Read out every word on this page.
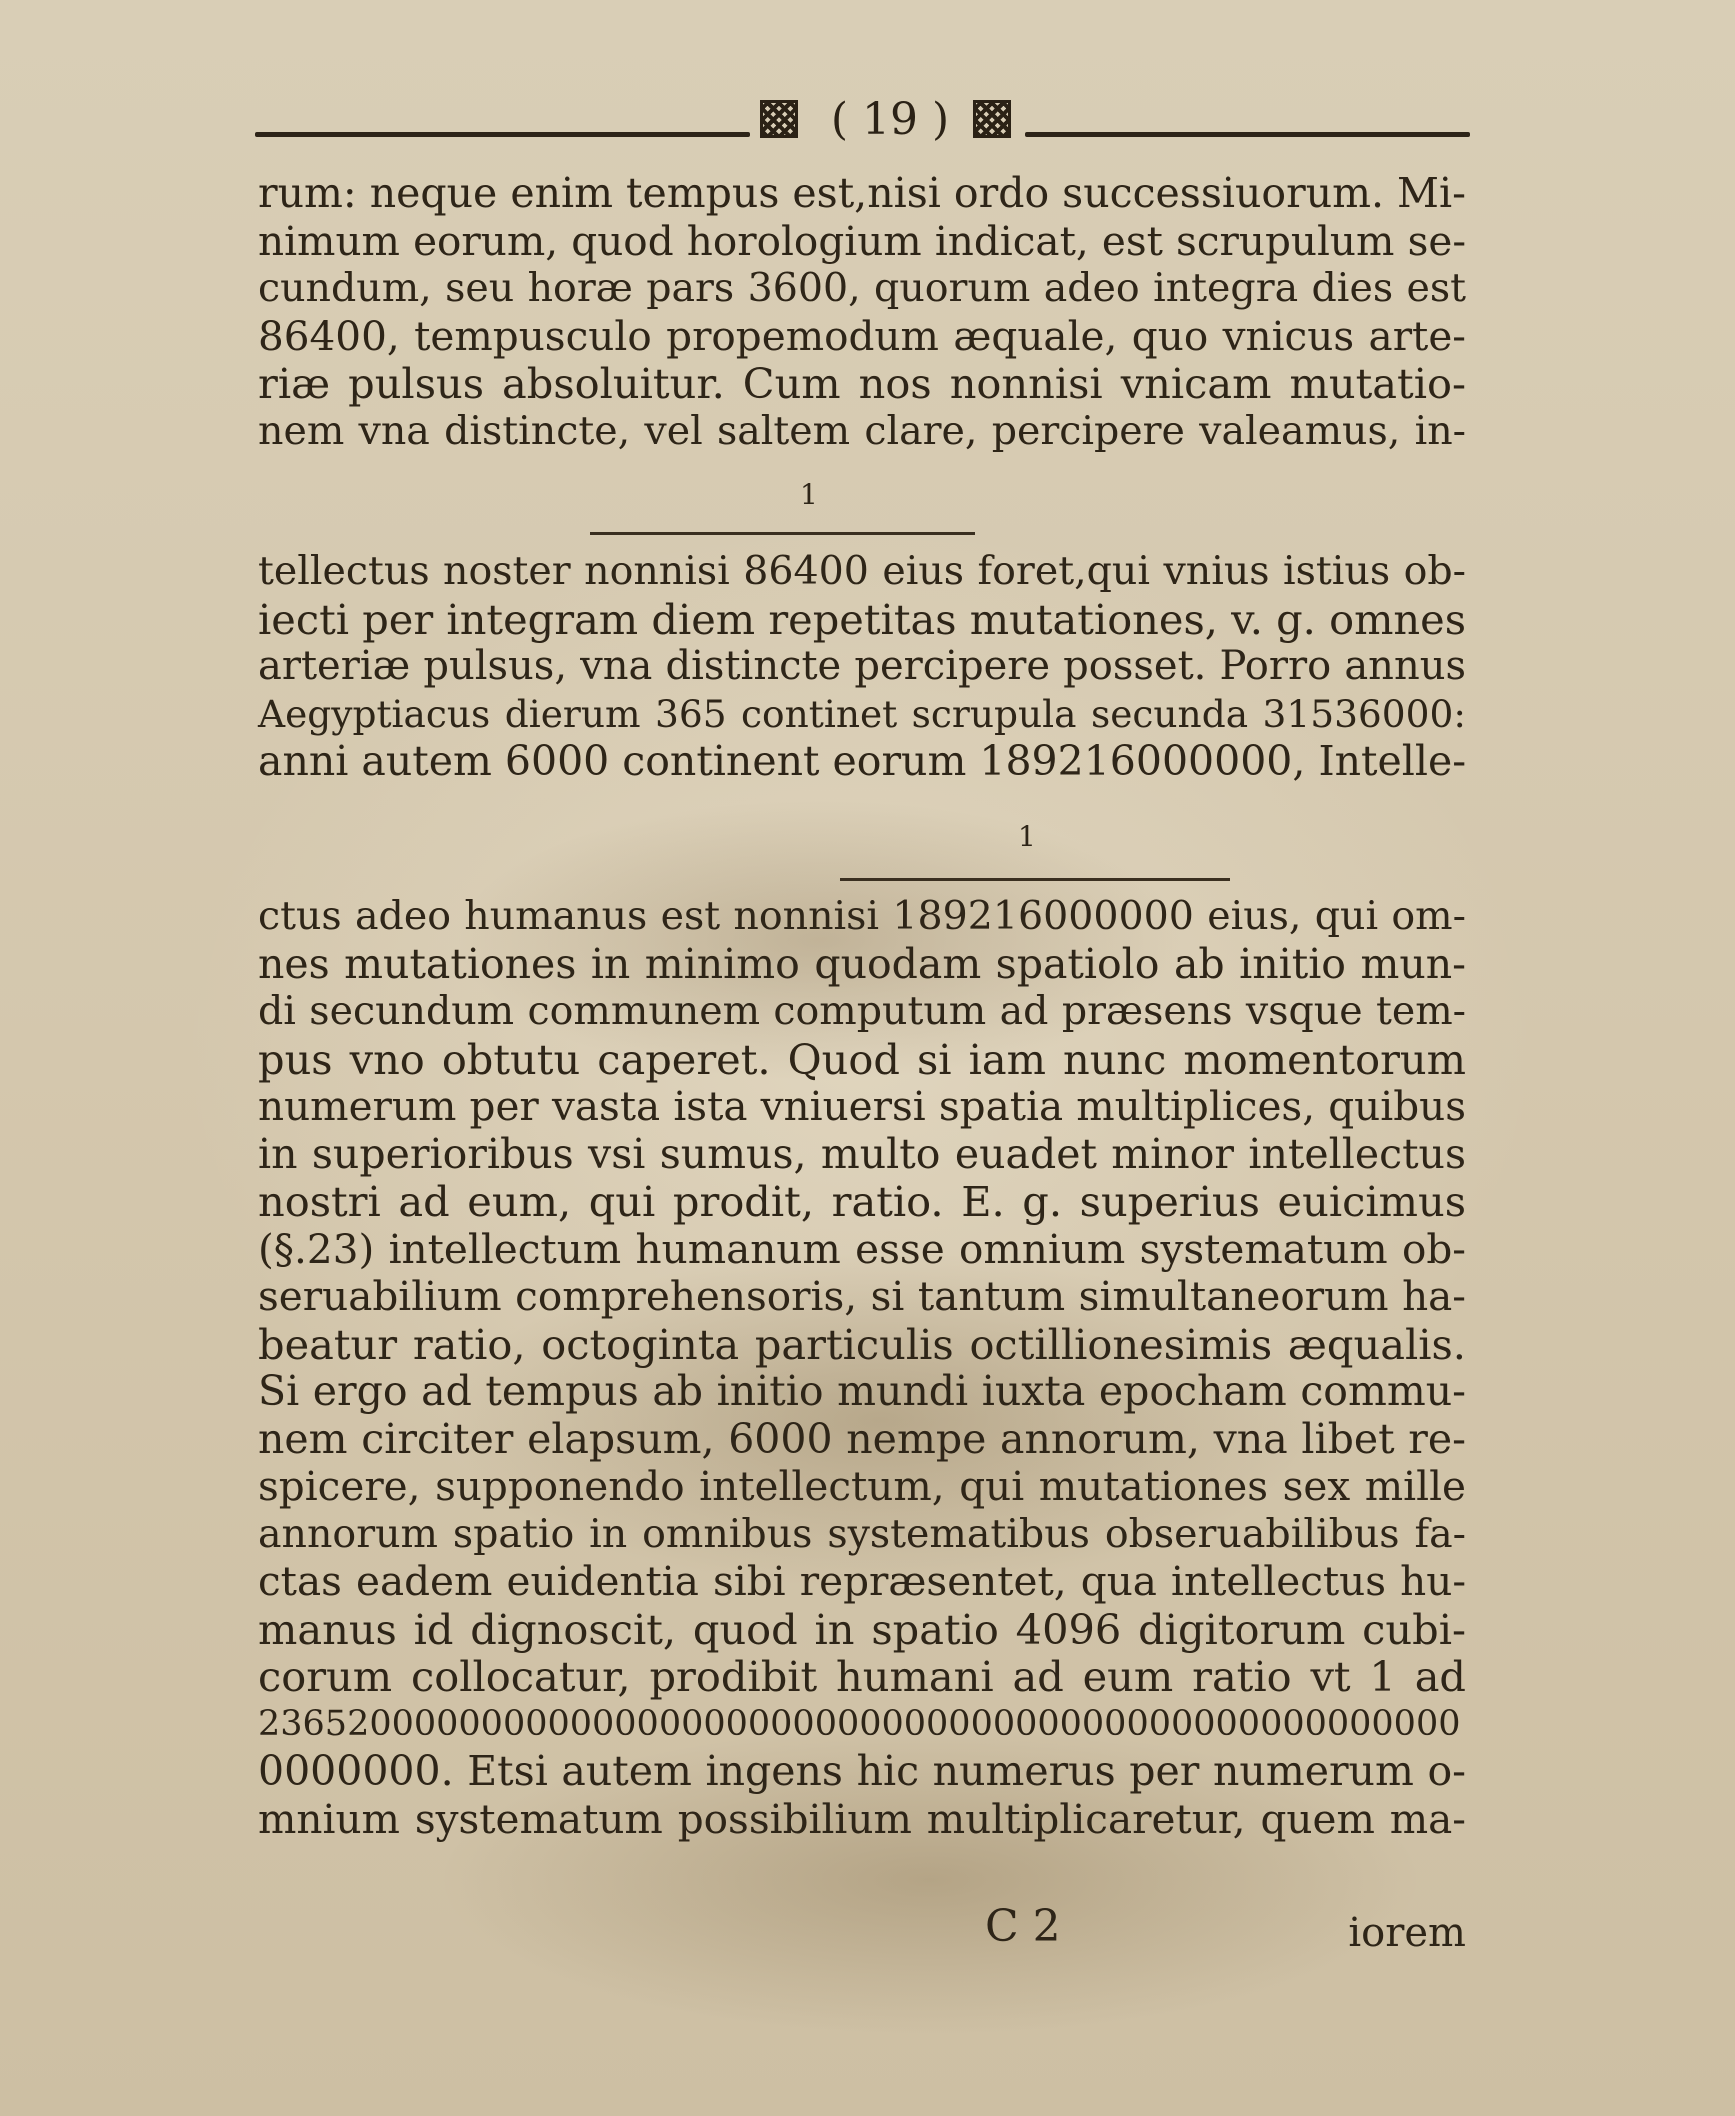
( 19 )
rum: neque enim tempus est,nisi ordo successiuorum. Mi-
nimum eorum, quod horologium indicat, est scrupulum se-
cundum, seu horæ pars 3600, quorum adeo integra dies est
86400, tempusculo propemodum æquale, quo vnicus arte-
riæ pulsus absoluitur. Cum nos nonnisi vnicam mutatio-
nem vna distincte, vel saltem clare, percipere valeamus, in-
1
tellectus noster nonnisi 86400 eius foret,qui vnius istius ob-
iecti per integram diem repetitas mutationes, v. g. omnes
arteriæ pulsus, vna distincte percipere posset. Porro annus
Aegyptiacus dierum 365 continet scrupula secunda 31536000:
anni autem 6000 continent eorum 189216000000, Intelle-
1
ctus adeo humanus est nonnisi 189216000000 eius, qui om-
nes mutationes in minimo quodam spatiolo ab initio mun-
di secundum communem computum ad præsens vsque tem-
pus vno obtutu caperet. Quod si iam nunc momentorum
numerum per vasta ista vniuersi spatia multiplices, quibus
in superioribus vsi sumus, multo euadet minor intellectus
nostri ad eum, qui prodit, ratio. E. g. superius euicimus
(§.23) intellectum humanum esse omnium systematum ob-
seruabilium comprehensoris, si tantum simultaneorum ha-
beatur ratio, octoginta particulis octillionesimis æqualis.
Si ergo ad tempus ab initio mundi iuxta epocham commu-
nem circiter elapsum, 6000 nempe annorum, vna libet re-
spicere, supponendo intellectum, qui mutationes sex mille
annorum spatio in omnibus systematibus obseruabilibus fa-
ctas eadem euidentia sibi repræsentet, qua intellectus hu-
manus id dignoscit, quod in spatio 4096 digitorum cubi-
corum collocatur, prodibit humani ad eum ratio vt 1 ad
236520000000000000000000000000000000000000000000000000
0000000. Etsi autem ingens hic numerus per numerum o-
mnium systematum possibilium multiplicaretur, quem ma-
C 2	iorem
